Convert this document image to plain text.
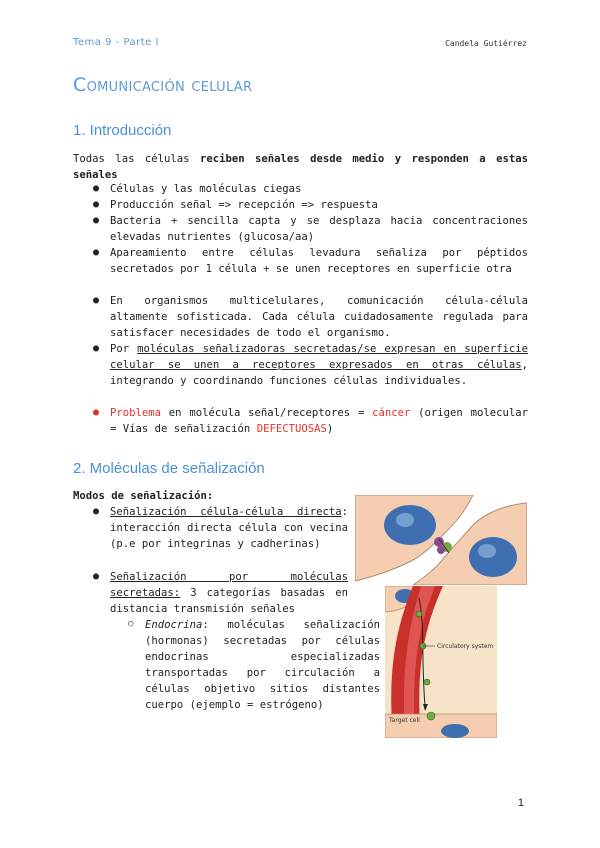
Tema 9 - Parte I	Candela Gutiérrez
Comunicación celular
1. Introducción
Todas las células reciben señales desde medio y responden a estas señales
● Células y las moléculas ciegas
● Producción señal => recepción => respuesta
● Bacteria + sencilla capta y se desplaza hacia concentraciones elevadas nutrientes (glucosa/aa)
● Apareamiento entre células levadura señaliza por péptidos secretados por 1 célula + se unen receptores en superficie otra
● En organismos multicelulares, comunicación célula-célula altamente sofisticada. Cada célula cuidadosamente regulada para satisfacer necesidades de todo el organismo.
● Por moléculas señalizadoras secretadas/se expresan en superficie celular se unen a receptores expresados en otras células, integrando y coordinando funciones células individuales.
● Problema en molécula señal/receptores = cáncer (origen molecular = Vías de señalización DEFECTUOSAS)
2. Moléculas de señalización
Modos de señalización:
● Señalización célula-célula directa: interacción directa célula con vecina (p.e por integrinas y cadherinas)
● Señalización por moléculas secretadas: 3 categorías basadas en distancia transmisión señales
○ Endocrina: moléculas señalización (hormonas) secretadas por células endocrinas especializadas transportadas por circulación a células objetivo sitios distantes cuerpo (ejemplo = estrógeno)
Circulatory system
Target cell
1
